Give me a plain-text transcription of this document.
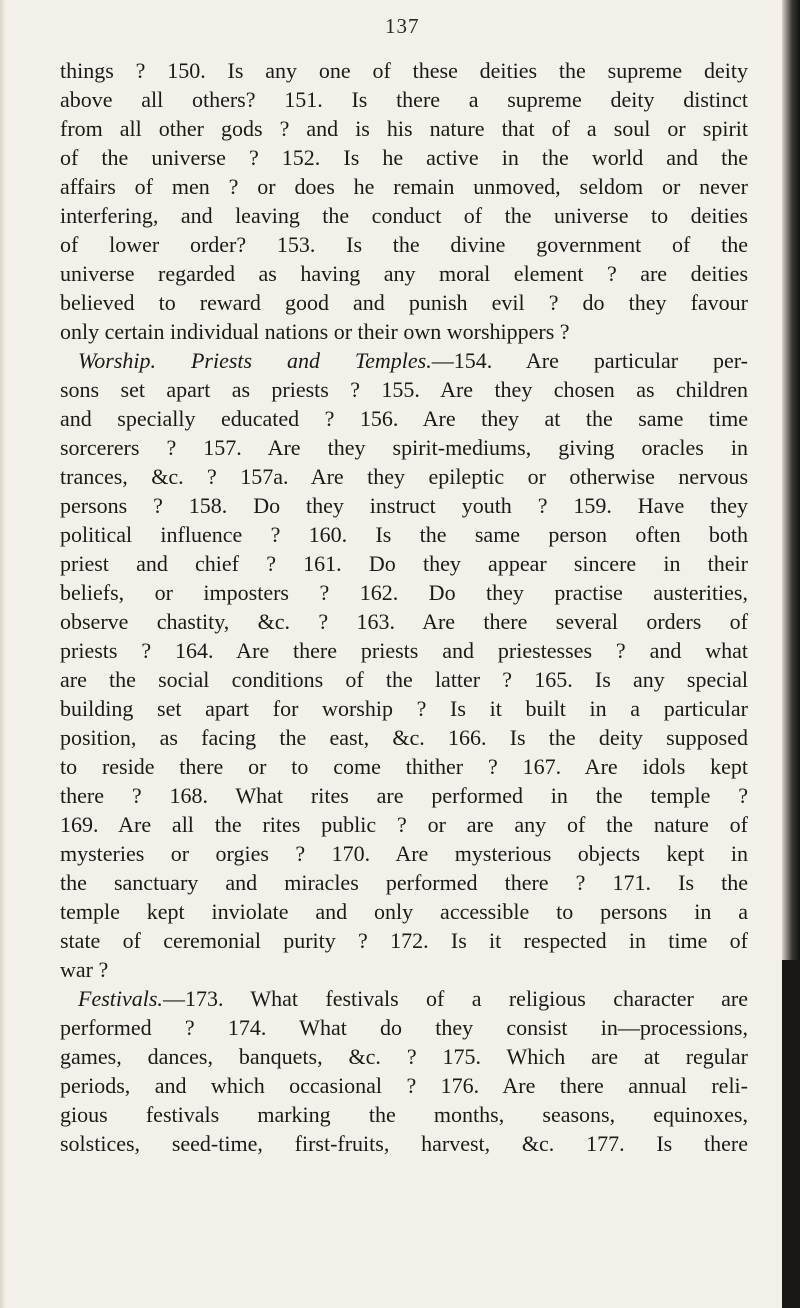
137
things ? 150. Is any one of these deities the supreme deity
above all others? 151. Is there a supreme deity distinct
from all other gods ? and is his nature that of a soul or spirit
of the universe ? 152. Is he active in the world and the
affairs of men ? or does he remain unmoved, seldom or never
interfering, and leaving the conduct of the universe to deities
of lower order? 153. Is the divine government of the
universe regarded as having any moral element ? are deities
believed to reward good and punish evil ? do they favour
only certain individual nations or their own worshippers ?
Worship. Priests and Temples.—154. Are particular per-
sons set apart as priests ? 155. Are they chosen as children
and specially educated ? 156. Are they at the same time
sorcerers ? 157. Are they spirit-mediums, giving oracles in
trances, &c. ? 157a. Are they epileptic or otherwise nervous
persons ? 158. Do they instruct youth ? 159. Have they
political influence ? 160. Is the same person often both
priest and chief ? 161. Do they appear sincere in their
beliefs, or imposters ? 162. Do they practise austerities,
observe chastity, &c. ? 163. Are there several orders of
priests ? 164. Are there priests and priestesses ? and what
are the social conditions of the latter ? 165. Is any special
building set apart for worship ? Is it built in a particular
position, as facing the east, &c. 166. Is the deity supposed
to reside there or to come thither ? 167. Are idols kept
there ? 168. What rites are performed in the temple ?
169. Are all the rites public ? or are any of the nature of
mysteries or orgies ? 170. Are mysterious objects kept in
the sanctuary and miracles performed there ? 171. Is the
temple kept inviolate and only accessible to persons in a
state of ceremonial purity ? 172. Is it respected in time of
war ?
Festivals.—173. What festivals of a religious character are
performed ? 174. What do they consist in—processions,
games, dances, banquets, &c. ? 175. Which are at regular
periods, and which occasional ? 176. Are there annual reli-
gious festivals marking the months, seasons, equinoxes,
solstices, seed-time, first-fruits, harvest, &c. 177. Is there
